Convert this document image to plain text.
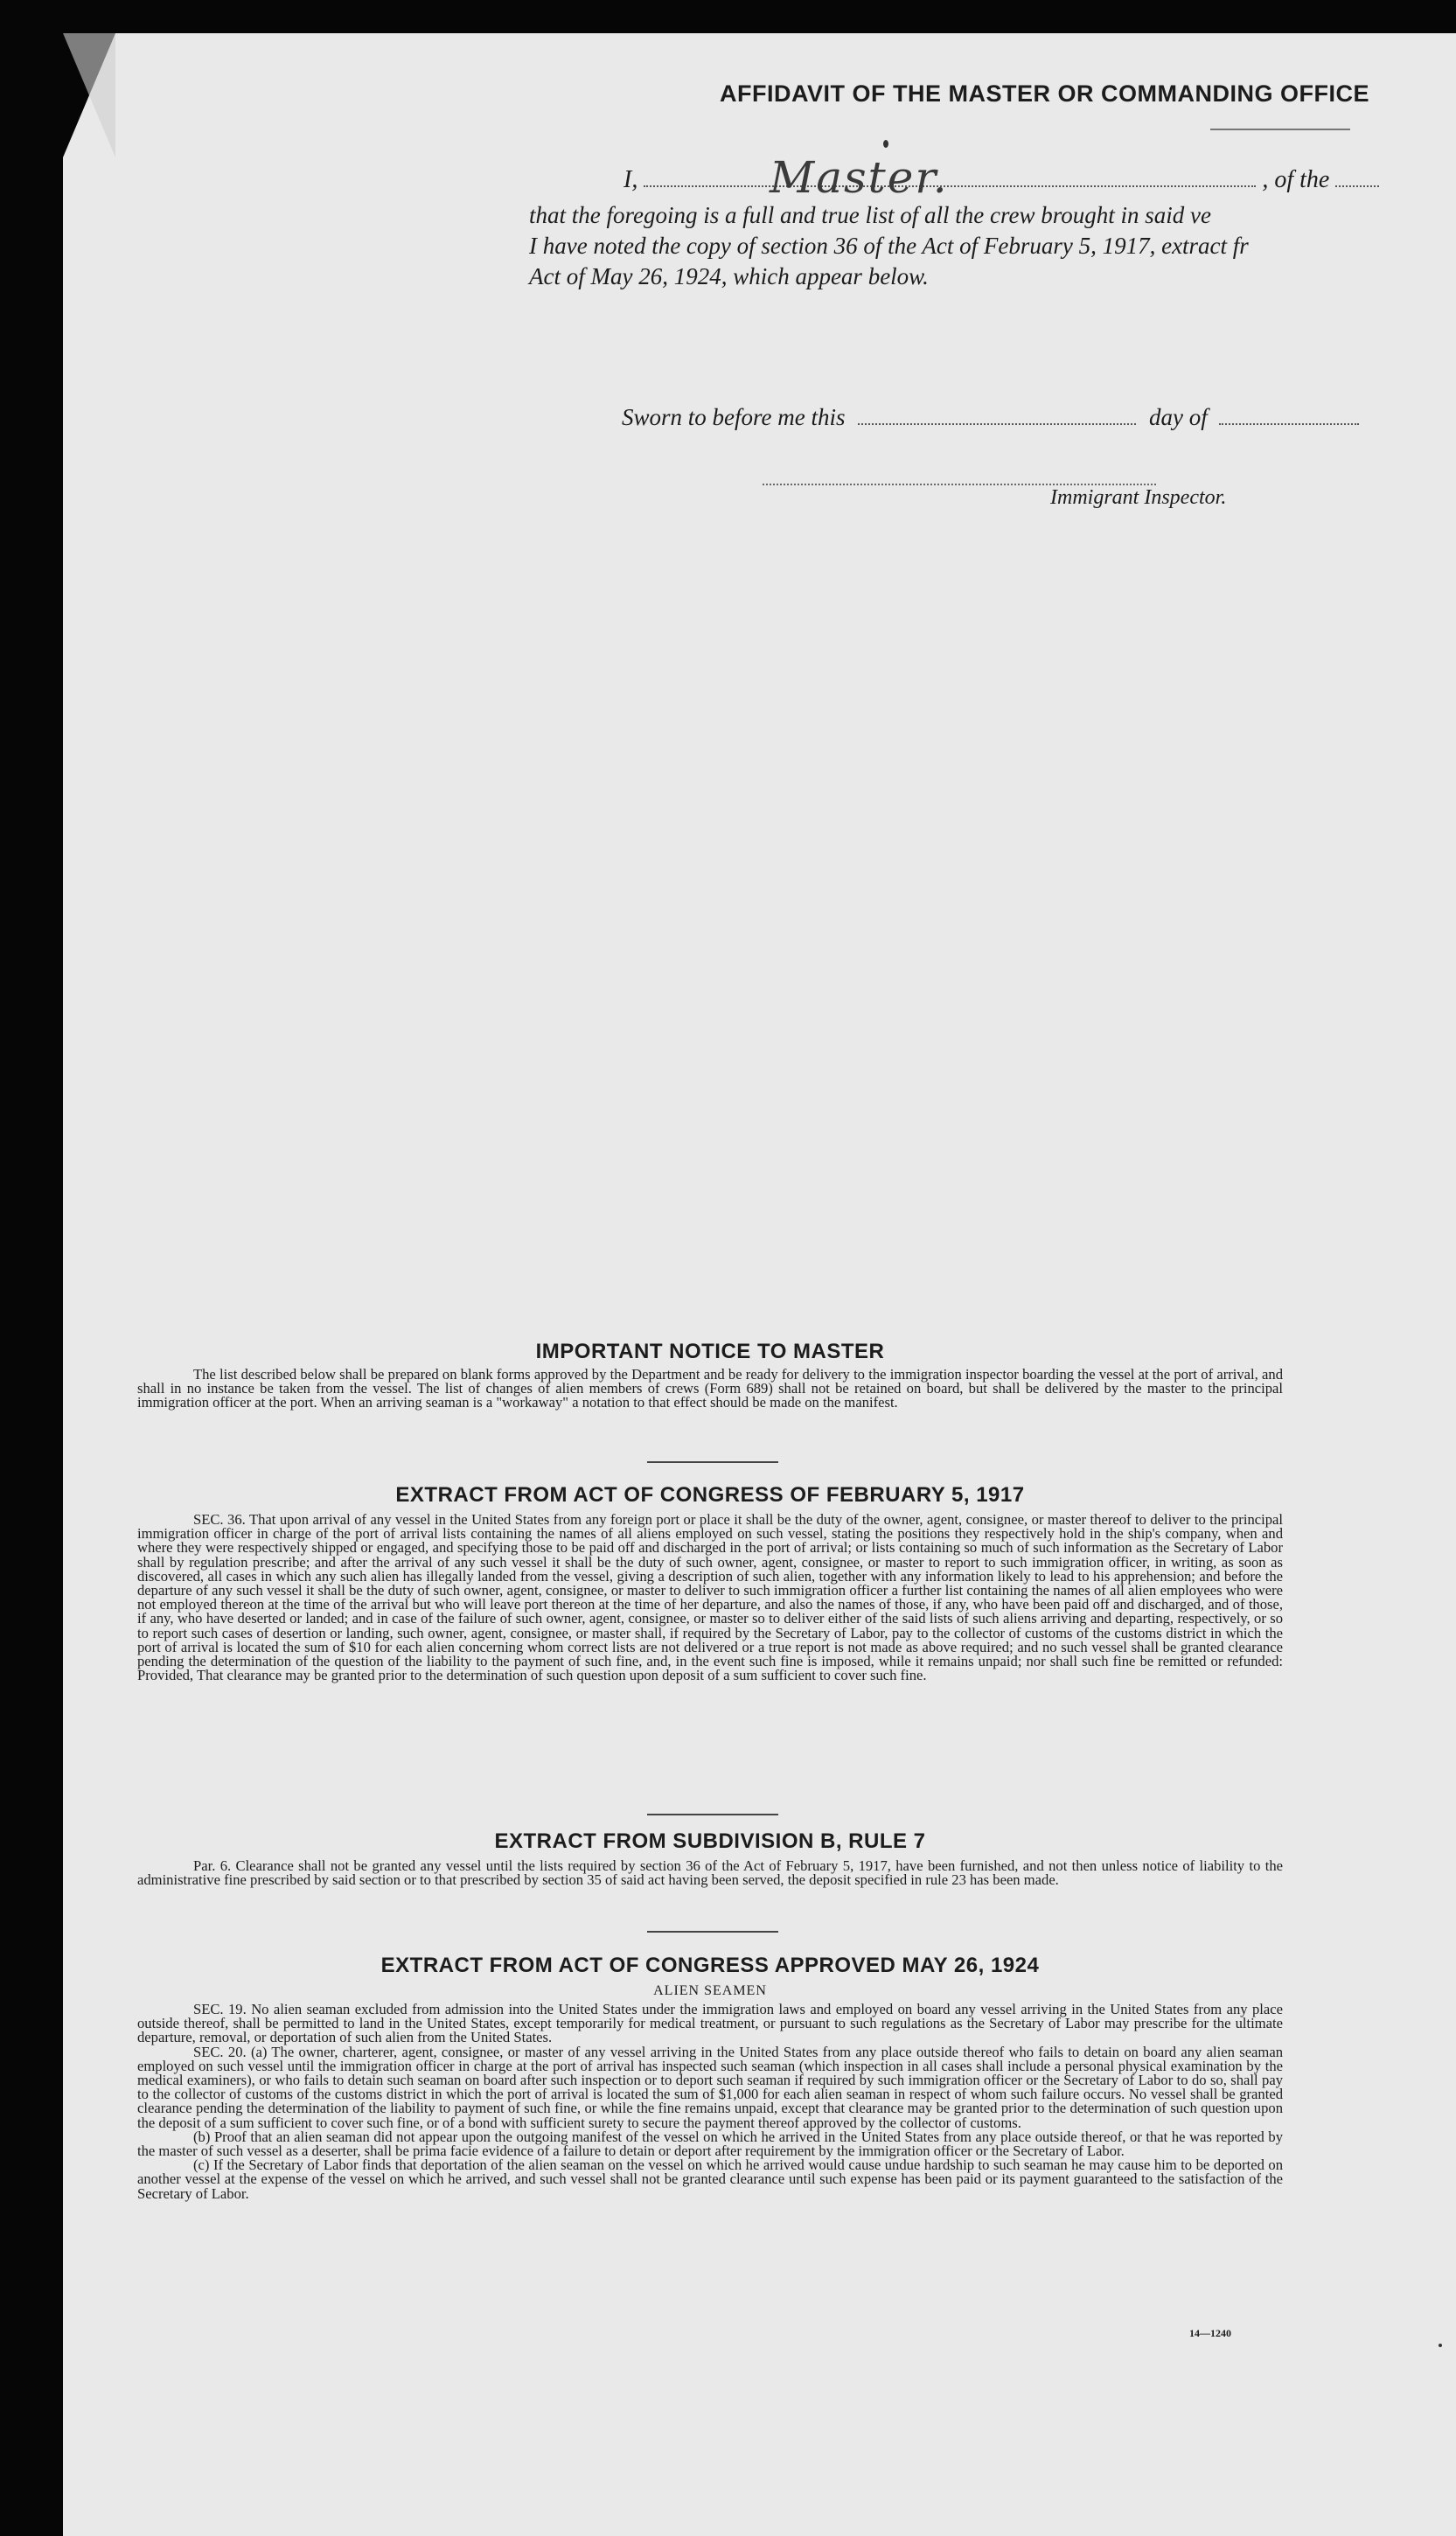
AFFIDAVIT OF THE MASTER OR COMMANDING OFFICE
I,	, of the
Master.
that the foregoing is a full and true list of all the crew brought in said ve
I have noted the copy of section 36 of the Act of February 5, 1917, extract fr
Act of May 26, 1924, which appear below.
Sworn to before me this	day of
Immigrant Inspector.
IMPORTANT NOTICE TO MASTER

The list described below shall be prepared on blank forms approved by the Department and be ready for delivery to the immigration inspector boarding the vessel at the port of arrival, and shall in no instance be taken from the vessel. The list of changes of alien members of crews (Form 689) shall not be retained on board, but shall be delivered by the master to the principal immigration officer at the port. When an arriving seaman is a "workaway" a notation to that effect should be made on the manifest.

EXTRACT FROM ACT OF CONGRESS OF FEBRUARY 5, 1917

SEC. 36. That upon arrival of any vessel in the United States from any foreign port or place it shall be the duty of the owner, agent, consignee, or master thereof to deliver to the principal immigration officer in charge of the port of arrival lists containing the names of all aliens employed on such vessel, stating the positions they respectively hold in the ship's company, when and where they were respectively shipped or engaged, and specifying those to be paid off and discharged in the port of arrival; or lists containing so much of such information as the Secretary of Labor shall by regulation prescribe; and after the arrival of any such vessel it shall be the duty of such owner, agent, consignee, or master to report to such immigration officer, in writing, as soon as discovered, all cases in which any such alien has illegally landed from the vessel, giving a description of such alien, together with any information likely to lead to his apprehension; and before the departure of any such vessel it shall be the duty of such owner, agent, consignee, or master to deliver to such immigration officer a further list containing the names of all alien employees who were not employed thereon at the time of the arrival but who will leave port thereon at the time of her departure, and also the names of those, if any, who have been paid off and discharged, and of those, if any, who have deserted or landed; and in case of the failure of such owner, agent, consignee, or master so to deliver either of the said lists of such aliens arriving and departing, respectively, or so to report such cases of desertion or landing, such owner, agent, consignee, or master shall, if required by the Secretary of Labor, pay to the collector of customs of the customs district in which the port of arrival is located the sum of $10 for each alien concerning whom correct lists are not delivered or a true report is not made as above required; and no such vessel shall be granted clearance pending the determination of the question of the liability to the payment of such fine, and, in the event such fine is imposed, while it remains unpaid; nor shall such fine be remitted or refunded: Provided, That clearance may be granted prior to the determination of such question upon deposit of a sum sufficient to cover such fine.

EXTRACT FROM SUBDIVISION B, RULE 7

Par. 6. Clearance shall not be granted any vessel until the lists required by section 36 of the Act of February 5, 1917, have been furnished, and not then unless notice of liability to the administrative fine prescribed by said section or to that prescribed by section 35 of said act having been served, the deposit specified in rule 23 has been made.

EXTRACT FROM ACT OF CONGRESS APPROVED MAY 26, 1924

ALIEN SEAMEN

SEC. 19. No alien seaman excluded from admission into the United States under the immigration laws and employed on board any vessel arriving in the United States from any place outside thereof, shall be permitted to land in the United States, except temporarily for medical treatment, or pursuant to such regulations as the Secretary of Labor may prescribe for the ultimate departure, removal, or deportation of such alien from the United States.

SEC. 20. (a) The owner, charterer, agent, consignee, or master of any vessel arriving in the United States from any place outside thereof who fails to detain on board any alien seaman employed on such vessel until the immigration officer in charge at the port of arrival has inspected such seaman (which inspection in all cases shall include a personal physical examination by the medical examiners), or who fails to detain such seaman on board after such inspection or to deport such seaman if required by such immigration officer or the Secretary of Labor to do so, shall pay to the collector of customs of the customs district in which the port of arrival is located the sum of $1,000 for each alien seaman in respect of whom such failure occurs. No vessel shall be granted clearance pending the determination of the liability to payment of such fine, or while the fine remains unpaid, except that clearance may be granted prior to the determination of such question upon the deposit of a sum sufficient to cover such fine, or of a bond with sufficient surety to secure the payment thereof approved by the collector of customs.

(b) Proof that an alien seaman did not appear upon the outgoing manifest of the vessel on which he arrived in the United States from any place outside thereof, or that he was reported by the master of such vessel as a deserter, shall be prima facie evidence of a failure to detain or deport after requirement by the immigration officer or the Secretary of Labor.

(c) If the Secretary of Labor finds that deportation of the alien seaman on the vessel on which he arrived would cause undue hardship to such seaman he may cause him to be deported on another vessel at the expense of the vessel on which he arrived, and such vessel shall not be granted clearance until such expense has been paid or its payment guaranteed to the satisfaction of the Secretary of Labor.

14—1240
